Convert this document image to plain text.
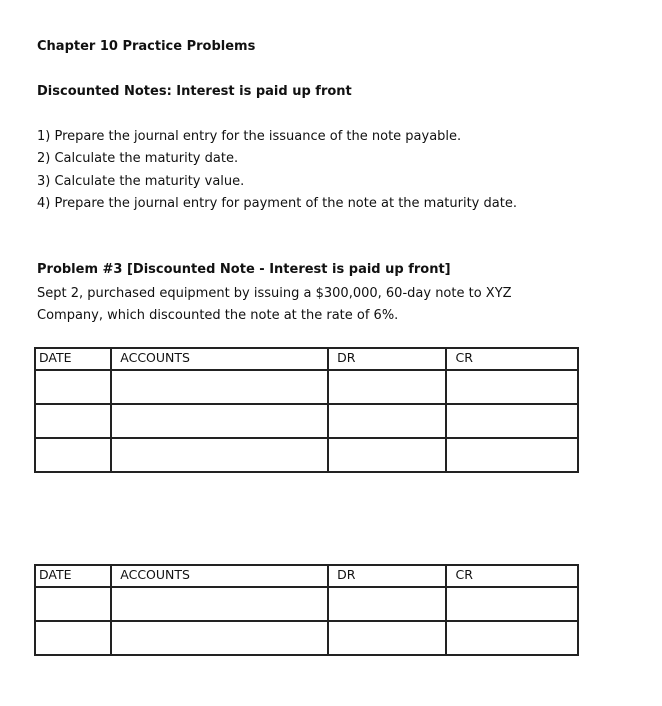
Chapter 10 Practice Problems
Discounted Notes: Interest is paid up front
1) Prepare the journal entry for the issuance of the note payable.
2) Calculate the maturity date.
3) Calculate the maturity value.
4) Prepare the journal entry for payment of the note at the maturity date.
Problem #3 [Discounted Note - Interest is paid up front]
Sept 2, purchased equipment by issuing a $300,000, 60-day note to XYZ
Company, which discounted the note at the rate of 6%.
DATE	ACCOUNTS	DR	CR

DATE	ACCOUNTS	DR	CR
